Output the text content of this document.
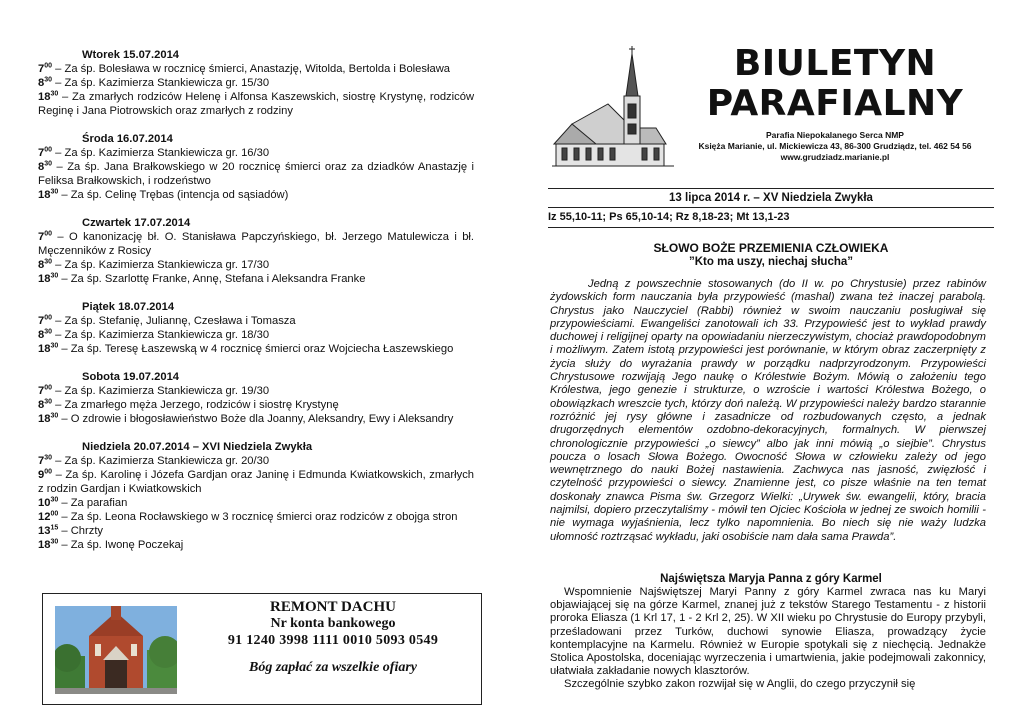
Wtorek 15.07.2014
$7^{00}$ – Za śp. Bolesława w rocznicę śmierci, Anastazję, Witolda, Bertolda i Bolesława
$8^{30}$ – Za śp. Kazimierza Stankiewicza gr. 15/30
$18^{30}$ – Za zmarłych rodziców Helenę i Alfonsa Kaszewskich, siostrę Krystynę, rodziców Reginę i Jana Piotrowskich oraz zmarłych z rodziny
Środa 16.07.2014
$7^{00}$ – Za śp. Kazimierza Stankiewicza gr. 16/30
$8^{30}$ – Za śp. Jana Brałkowskiego w 20 rocznicę śmierci oraz za dziadków Anastazję i Feliksa Brałkowskich, i rodzeństwo
$18^{30}$ – Za śp. Celinę Trębas (intencja od sąsiadów)
Czwartek 17.07.2014
$7^{00}$ – O kanonizację bł. O. Stanisława Papczyńskiego, bł. Jerzego Matulewicza i bł. Męczenników z Rosicy
$8^{30}$ – Za śp. Kazimierza Stankiewicza gr. 17/30
$18^{30}$ – Za śp. Szarlottę Franke, Annę, Stefana i Aleksandra Franke
Piątek 18.07.2014
$7^{00}$ – Za śp. Stefanię, Juliannę, Czesława i Tomasza
$8^{30}$ – Za śp. Kazimierza Stankiewicza gr. 18/30
$18^{30}$ – Za śp. Teresę Łaszewską w 4 rocznicę śmierci oraz Wojciecha Łaszewskiego
Sobota 19.07.2014
$7^{00}$ – Za śp. Kazimierza Stankiewicza gr. 19/30
$8^{30}$ – Za zmarłego męża Jerzego, rodziców i siostrę Krystynę
$18^{30}$ – O zdrowie i błogosławieństwo Boże dla Joanny, Aleksandry, Ewy i Aleksandry
Niedziela 20.07.2014 – XVI Niedziela Zwykła
$7^{30}$ – Za śp. Kazimierza Stankiewicza gr. 20/30
$9^{00}$ – Za śp. Karolinę i Józefa Gardjan oraz Janinę i Edmunda Kwiatkowskich, zmarłych z rodzin Gardjan i Kwiatkowskich
$10^{30}$ – Za parafian
$12^{00}$ – Za śp. Leona Rocławskiego w 3 rocznicę śmierci oraz rodziców z obojga stron
$13^{15}$ – Chrzty
$18^{30}$ – Za śp. Iwonę Poczekaj
REMONT DACHU
Nr konta bankowego
91 1240 3998 1111 0010 5093 0549
Bóg zapłać za wszelkie ofiary
BIULETYN
PARAFIALNY
Parafia Niepokalanego Serca NMP
Księża Marianie, ul. Mickiewicza 43, 86-300 Grudziądz, tel. 462 54 56
www.grudziadz.marianie.pl
13 lipca 2014 r. – XV Niedziela Zwykła
Iz 55,10-11; Ps 65,10-14; Rz 8,18-23; Mt 13,1-23
SŁOWO BOŻE PRZEMIENIA CZŁOWIEKA
”Kto ma uszy, niechaj słucha”
Jedną z powszechnie stosowanych (do II w. po Chrystusie) przez rabinów żydowskich form nauczania była przypowieść (mashal) zwana też inaczej parabolą. Chrystus jako Nauczyciel (Rabbi) również w swoim nauczaniu posługiwał się przypowieściami. Ewangeliści zanotowali ich 33. Przypowieść jest to wykład prawdy duchowej i religijnej oparty na opowiadaniu nierzeczywistym, chociaż prawdopodobnym i możliwym. Zatem istotą przypowieści jest porównanie, w którym obraz zaczerpnięty z życia służy do wyrażania prawdy w porządku nadprzyrodzonym. Przypowieści Chrystusowe rozwijają Jego naukę o Królestwie Bożym. Mówią o założeniu tego Królestwa, jego genezie i strukturze, o wzroście i wartości Królestwa Bożego, o obowiązkach wreszcie tych, którzy doń należą. W przypowieści należy bardzo starannie rozróżnić jej rysy główne i zasadnicze od rozbudowanych często, a jednak drugorzędnych elementów ozdobno-dekoracyjnych, formalnych. W pierwszej chronologicznie przypowieści „o siewcy” albo jak inni mówią „o siejbie”. Chrystus poucza o losach Słowa Bożego. Owocność Słowa w człowieku zależy od jego wewnętrznego do nauki Bożej nastawienia. Zachwyca nas jasność, zwięzłość i czytelność przypowieści o siewcy. Znamienne jest, co pisze właśnie na ten temat doskonały znawca Pisma św. Grzegorz Wielki: „Urywek św. ewangelii, który, bracia najmilsi, dopiero przeczytaliśmy - mówił ten Ojciec Kościoła w jednej ze swoich homilii - nie wymaga wyjaśnienia, lecz tylko napomnienia. Bo niech się nie waży ludzka ułomność roztrząsać wykładu, jaki osobiście nam dała sama Prawda”.
Najświętsza Maryja Panna z góry Karmel

Wspomnienie Najświętszej Maryi Panny z góry Karmel zwraca nas ku Maryi objawiającej się na górze Karmel, znanej już z tekstów Starego Testamentu - z historii proroka Eliasza (1 Krl 17, 1 - 2 Krl 2, 25). W XII wieku po Chrystusie do Europy przybyli, prześladowani przez Turków, duchowi synowie Eliasza, prowadzący życie kontemplacyjne na Karmelu. Również w Europie spotykali się z niechęcią. Jednakże Stolica Apostolska, doceniając wyrzeczenia i umartwienia, jakie podejmowali zakonnicy, ułatwiała zakładanie nowych klasztorów.

Szczególnie szybko zakon rozwijał się w Anglii, do czego przyczynił się
